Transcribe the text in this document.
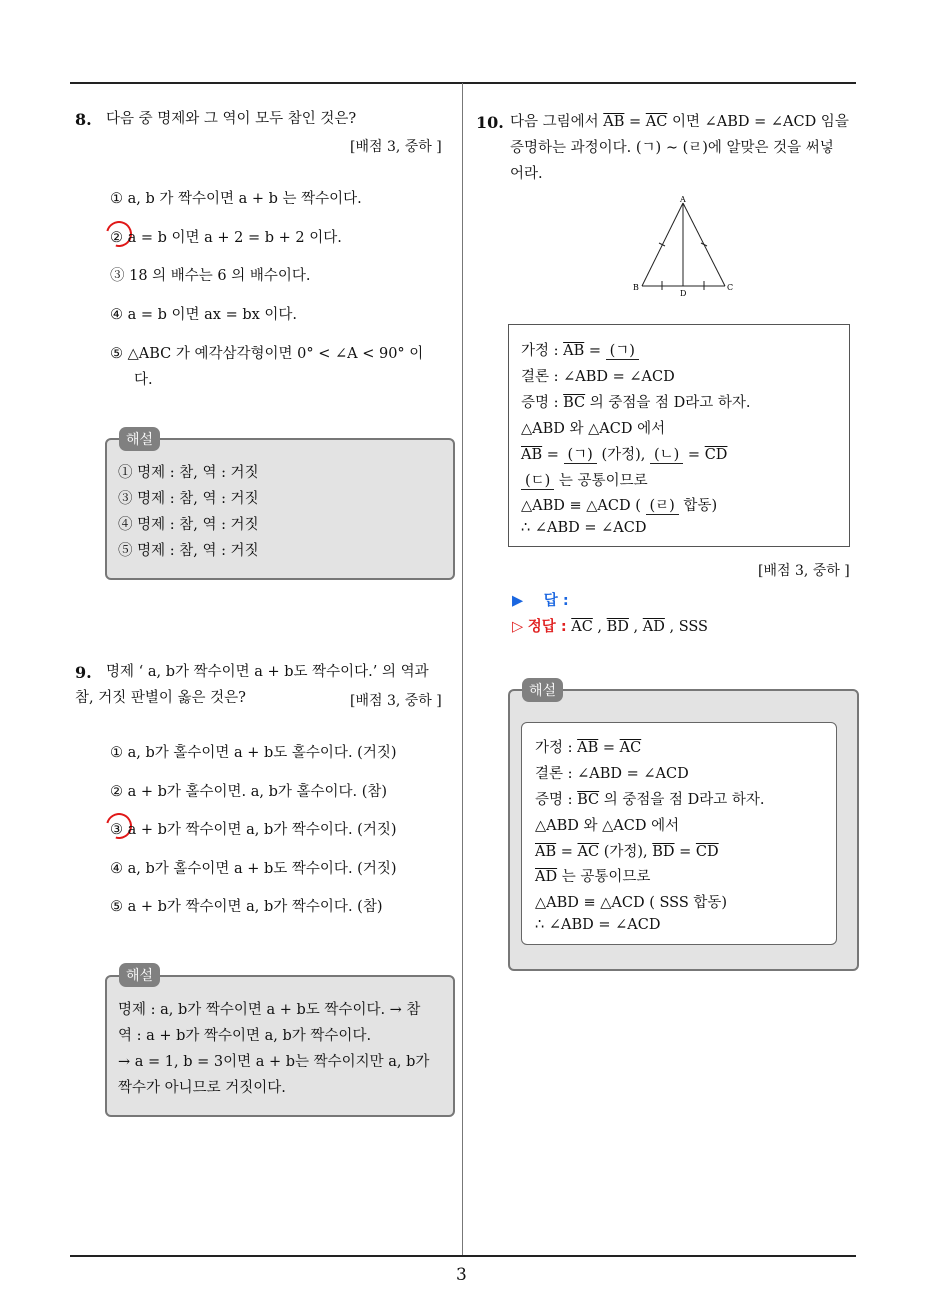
3
8. 다음 중 명제와 그 역이 모두 참인 것은?
[배점 3, 중하 ]
① a, b 가 짝수이면 a + b 는 짝수이다.
② a = b 이면 a + 2 = b + 2 이다.
③ 18 의 배수는 6 의 배수이다.
④ a = b 이면 ax = bx 이다.
⑤ △ABC 가 예각삼각형이면 0° < ∠A < 90° 이
다.
해설
① 명제 : 참, 역 : 거짓
③ 명제 : 참, 역 : 거짓
④ 명제 : 참, 역 : 거짓
⑤ 명제 : 참, 역 : 거짓
9. 명제 ‘ a, b가 짝수이면 a + b도 짝수이다.’ 의 역과
참, 거짓 판별이 옳은 것은?	[배점 3, 중하 ]
① a, b가 홀수이면 a + b도 홀수이다. (거짓)
② a + b가 홀수이면. a, b가 홀수이다. (참)
③ a + b가 짝수이면 a, b가 짝수이다. (거짓)
④ a, b가 홀수이면 a + b도 짝수이다. (거짓)
⑤ a + b가 짝수이면 a, b가 짝수이다. (참)
해설
명제 : a, b가 짝수이면 a + b도 짝수이다. → 참
역 : a + b가 짝수이면 a, b가 짝수이다.
→ a = 1, b = 3이면 a + b는 짝수이지만 a, b가
짝수가 아니므로 거짓이다.
10. 다음 그림에서 $\overline{AB} = \overline{AC}$ 이면 ∠ABD = ∠ACD 임을
증명하는 과정이다. (ㄱ) ∼ (ㄹ)에 알맞은 것을 써넣
어라.
A
B	C
D
가정 : $\overline{AB}$ = (ㄱ)
결론 : ∠ABD = ∠ACD
증명 : $\overline{BC}$ 의 중점을 점 D라고 하자.
△ABD 와 △ACD 에서
$\overline{AB}$ = (ㄱ) (가정), (ㄴ) = $\overline{CD}$
(ㄷ) 는 공통이므로
△ABD ≡ △ACD ( (ㄹ) 합동)
∴ ∠ABD = ∠ACD
[배점 3, 중하 ]
▶ 답 :
▷ 정답 : $\overline{AC}$ , $\overline{BD}$ , $\overline{AD}$ , SSS
해설
가정 : $\overline{AB} = \overline{AC}$
결론 : ∠ABD = ∠ACD
증명 : $\overline{BC}$ 의 중점을 점 D라고 하자.
△ABD 와 △ACD 에서
$\overline{AB} = \overline{AC}$ (가정), $\overline{BD} = \overline{CD}$
$\overline{AD}$ 는 공통이므로
△ABD ≡ △ACD ( SSS 합동)
∴ ∠ABD = ∠ACD
